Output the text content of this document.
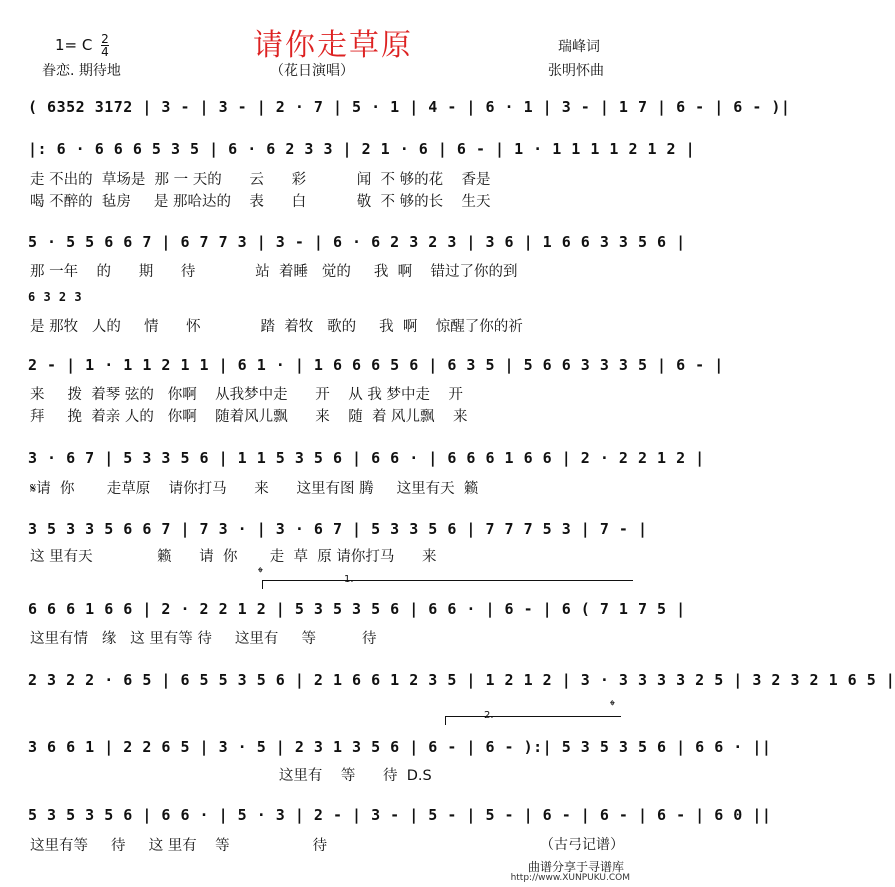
请你走草原
1= C $\frac{2}{4}$	瑞峰词
眷恋. 期待地	（花日演唱）	张明怀曲
( 6352 3172 | 3 - | 3 - | 2 · 7 | 5 · 1 | 4 - | 6 · 1 | 3 - | 1 7 | 6 - | 6 - )|
|: 6 · 6 6 6 5 3 5 | 6 · 6 2 3 3 | 2 1 · 6 | 6 - | 1 · 1 1 1 1 2 1 2 |
走 不出的  草场是  那 一 天的      云      彩           闻  不 够的花    香是
喝 不醉的  毡房     是 那哈达的    表      白           敬  不 够的长    生天
5 · 5 5 6 6 7 | 6 7 7 3 | 3 - | 6 · 6 2 3 2 3 | 3 6 | 1 6 6 3 3 5 6 |
那 一年    的      期      待             站  着睡   觉的     我  啊    错过了你的到
6 3 2 3
是 那牧   人的     情      怀             踏  着牧   歌的     我  啊    惊醒了你的祈
2 - | 1 · 1 1 2 1 1 | 6 1 · | 1 6 6 6 5 6 | 6 3 5 | 5 6 6 3 3 3 5 | 6 - |
来     拨  着琴 弦的   你啊    从我梦中走      开    从 我 梦中走    开
拜     挽  着亲 人的   你啊    随着风儿飘      来    随  着 风儿飘    来
3 · 6 7 | 5 3 3 5 6 | 1 1 5 3 5 6 | 6 6 · | 6 6 6 1 6 6 | 2 · 2 2 1 2 |
𝄋请  你       走草原    请你打马      来      这里有图 腾     这里有天  籁
3 5 3 3 5 6 6 7 | 7 3 · | 3 · 6 7 | 5 3 3 5 6 | 7 7 7 5 3 | 7 - |
这 里有天              籁      请  你       走  草  原 请你打马      来
𝄌	1.
6 6 6 1 6 6 | 2 · 2 2 1 2 | 5 3 5 3 5 6 | 6 6 · | 6 - | 6 ( 7 1 7 5 |
这里有情   缘   这 里有等 待     这里有     等          待
2 3 2 2 · 6 5 | 6 5 5 3 5 6 | 2 1 6 6 1 2 3 5 | 1 2 1 2 | 3 · 3 3 3 3 2 5 | 3 2 3 2 1 6 5 |
𝄌
2.
3 6 6 1 | 2 2 6 5 | 3 · 5 | 2 3 1 3 5 6 | 6 - | 6 - ):| 5 3 5 3 5 6 | 6 6 · ||
这里有    等      待  D.S
5 3 5 3 5 6 | 6 6 · | 5 · 3 | 2 - | 3 - | 5 - | 5 - | 6 - | 6 - | 6 - | 6 0 ||
这里有等     待     这 里有    等                  待	（古弓记谱）
曲谱分享于寻谱库
http://www.XUNPUKU.COM
